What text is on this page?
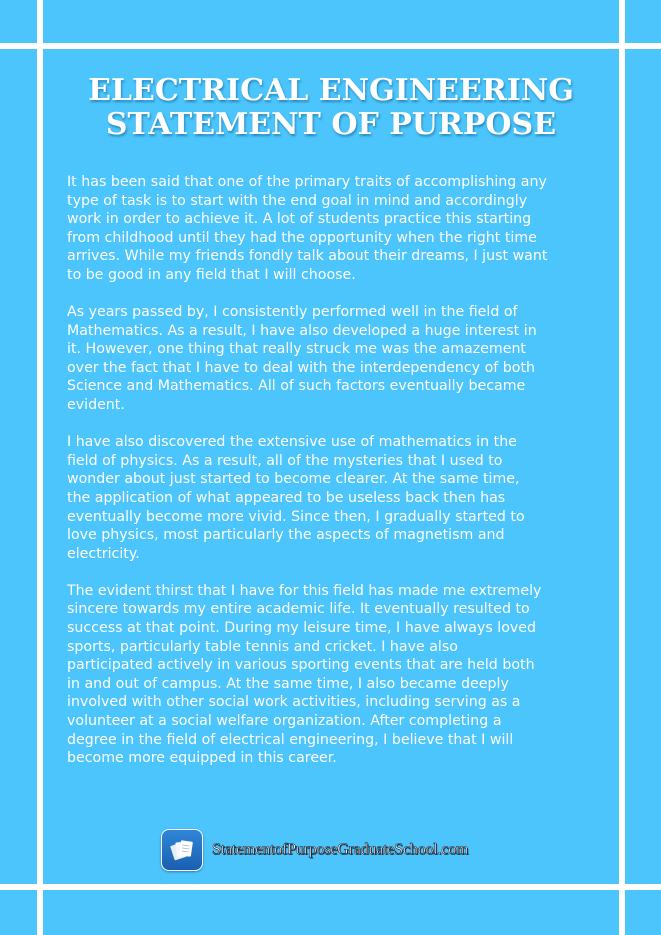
ELECTRICAL ENGINEERING
STATEMENT OF PURPOSE

It has been said that one of the primary traits of accomplishing any
type of task is to start with the end goal in mind and accordingly
work in order to achieve it. A lot of students practice this starting
from childhood until they had the opportunity when the right time
arrives. While my friends fondly talk about their dreams, I just want
to be good in any field that I will choose.

As years passed by, I consistently performed well in the field of
Mathematics. As a result, I have also developed a huge interest in
it. However, one thing that really struck me was the amazement
over the fact that I have to deal with the interdependency of both
Science and Mathematics. All of such factors eventually became
evident.

I have also discovered the extensive use of mathematics in the
field of physics. As a result, all of the mysteries that I used to
wonder about just started to become clearer. At the same time,
the application of what appeared to be useless back then has
eventually become more vivid. Since then, I gradually started to
love physics, most particularly the aspects of magnetism and
electricity.

The evident thirst that I have for this field has made me extremely
sincere towards my entire academic life. It eventually resulted to
success at that point. During my leisure time, I have always loved
sports, particularly table tennis and cricket. I have also
participated actively in various sporting events that are held both
in and out of campus. At the same time, I also became deeply
involved with other social work activities, including serving as a
volunteer at a social welfare organization. After completing a
degree in the field of electrical engineering, I believe that I will
become more equipped in this career.

StatementofPurposeGraduateSchool.com
